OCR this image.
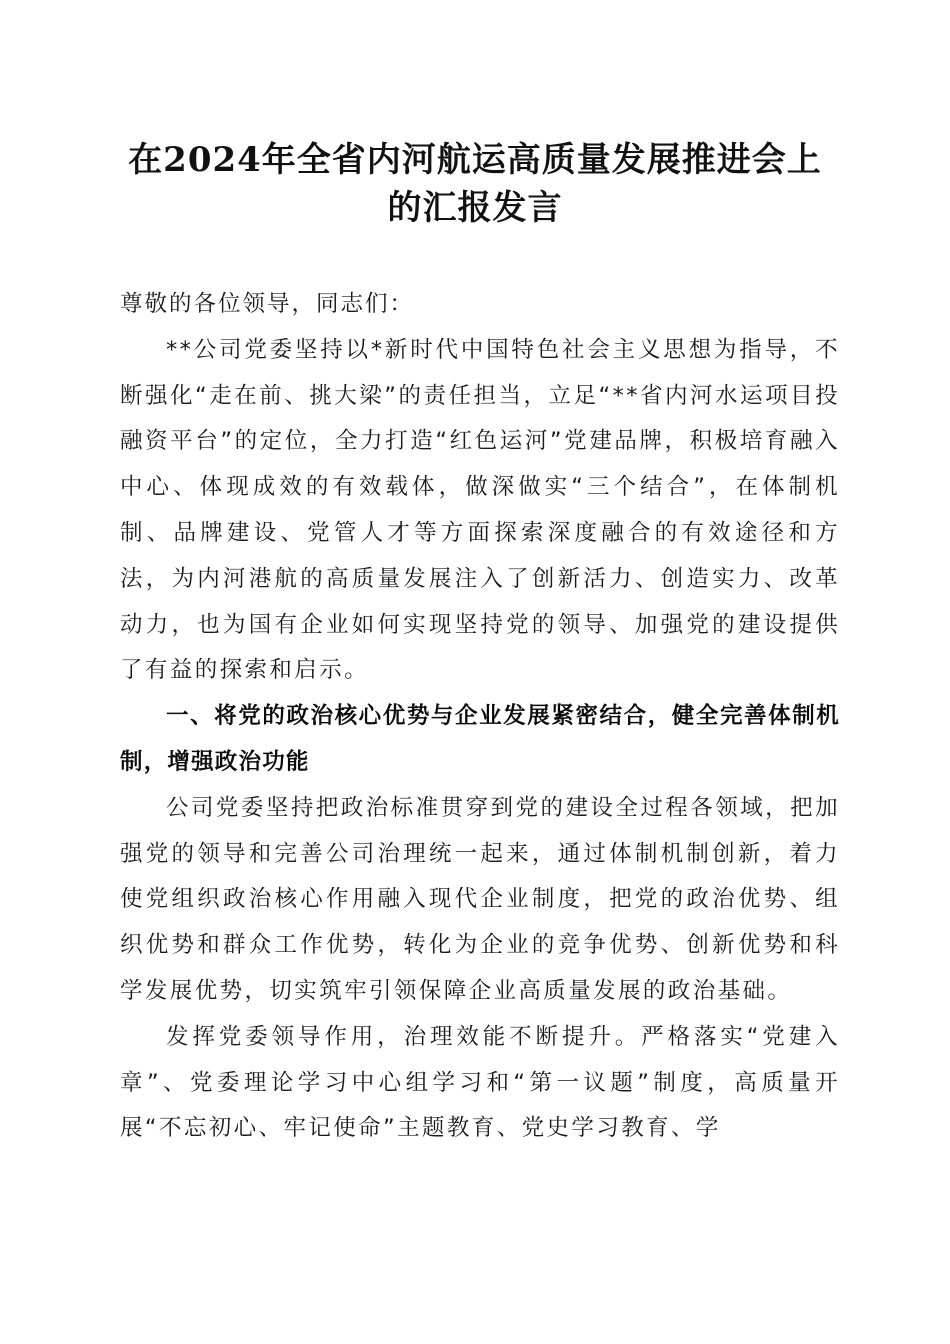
在2024年全省内河航运高质量发展推进会上
的汇报发言

尊敬的各位领导，同志们：

**公司党委坚持以*新时代中国特色社会主义思想为指导，不断强化“走在前、挑大梁”的责任担当，立足“**省内河水运项目投融资平台”的定位，全力打造“红色运河”党建品牌，积极培育融入中心、体现成效的有效载体，做深做实“三个结合”，在体制机制、品牌建设、党管人才等方面探索深度融合的有效途径和方法，为内河港航的高质量发展注入了创新活力、创造实力、改革动力，也为国有企业如何实现坚持党的领导、加强党的建设提供了有益的探索和启示。

一、将党的政治核心优势与企业发展紧密结合，健全完善体制机制，增强政治功能

公司党委坚持把政治标准贯穿到党的建设全过程各领域，把加强党的领导和完善公司治理统一起来，通过体制机制创新，着力使党组织政治核心作用融入现代企业制度，把党的政治优势、组织优势和群众工作优势，转化为企业的竞争优势、创新优势和科学发展优势，切实筑牢引领保障企业高质量发展的政治基础。

发挥党委领导作用，治理效能不断提升。严格落实“党建入章”、党委理论学习中心组学习和“第一议题”制度，高质量开展“不忘初心、牢记使命”主题教育、党史学习教育、学
